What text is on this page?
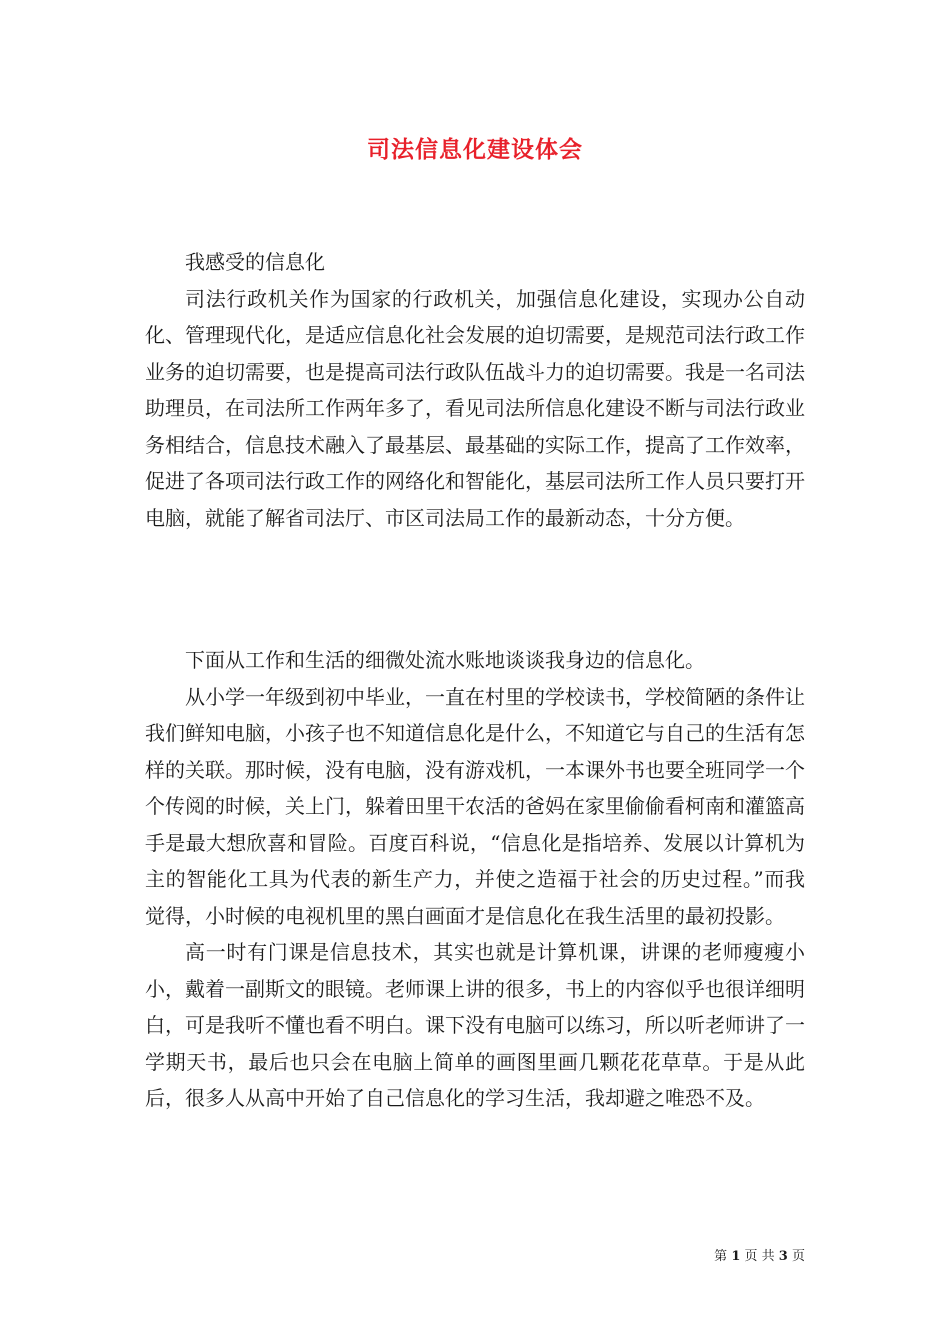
司法信息化建设体会

我感受的信息化

司法行政机关作为国家的行政机关，加强信息化建设，实现办公自动化、管理现代化，是适应信息化社会发展的迫切需要，是规范司法行政工作业务的迫切需要，也是提高司法行政队伍战斗力的迫切需要。我是一名司法助理员，在司法所工作两年多了，看见司法所信息化建设不断与司法行政业务相结合，信息技术融入了最基层、最基础的实际工作，提高了工作效率，促进了各项司法行政工作的网络化和智能化，基层司法所工作人员只要打开电脑，就能了解省司法厅、市区司法局工作的最新动态，十分方便。

下面从工作和生活的细微处流水账地谈谈我身边的信息化。

从小学一年级到初中毕业，一直在村里的学校读书，学校简陋的条件让我们鲜知电脑，小孩子也不知道信息化是什么，不知道它与自己的生活有怎样的关联。那时候，没有电脑，没有游戏机，一本课外书也要全班同学一个个传阅的时候，关上门，躲着田里干农活的爸妈在家里偷偷看柯南和灌篮高手是最大想欣喜和冒险。百度百科说，“信息化是指培养、发展以计算机为主的智能化工具为代表的新生产力，并使之造福于社会的历史过程。”而我觉得，小时候的电视机里的黑白画面才是信息化在我生活里的最初投影。

高一时有门课是信息技术，其实也就是计算机课，讲课的老师瘦瘦小小，戴着一副斯文的眼镜。老师课上讲的很多，书上的内容似乎也很详细明白，可是我听不懂也看不明白。课下没有电脑可以练习，所以听老师讲了一学期天书，最后也只会在电脑上简单的画图里画几颗花花草草。于是从此后，很多人从高中开始了自己信息化的学习生活，我却避之唯恐不及。

第 1 页 共 3 页
